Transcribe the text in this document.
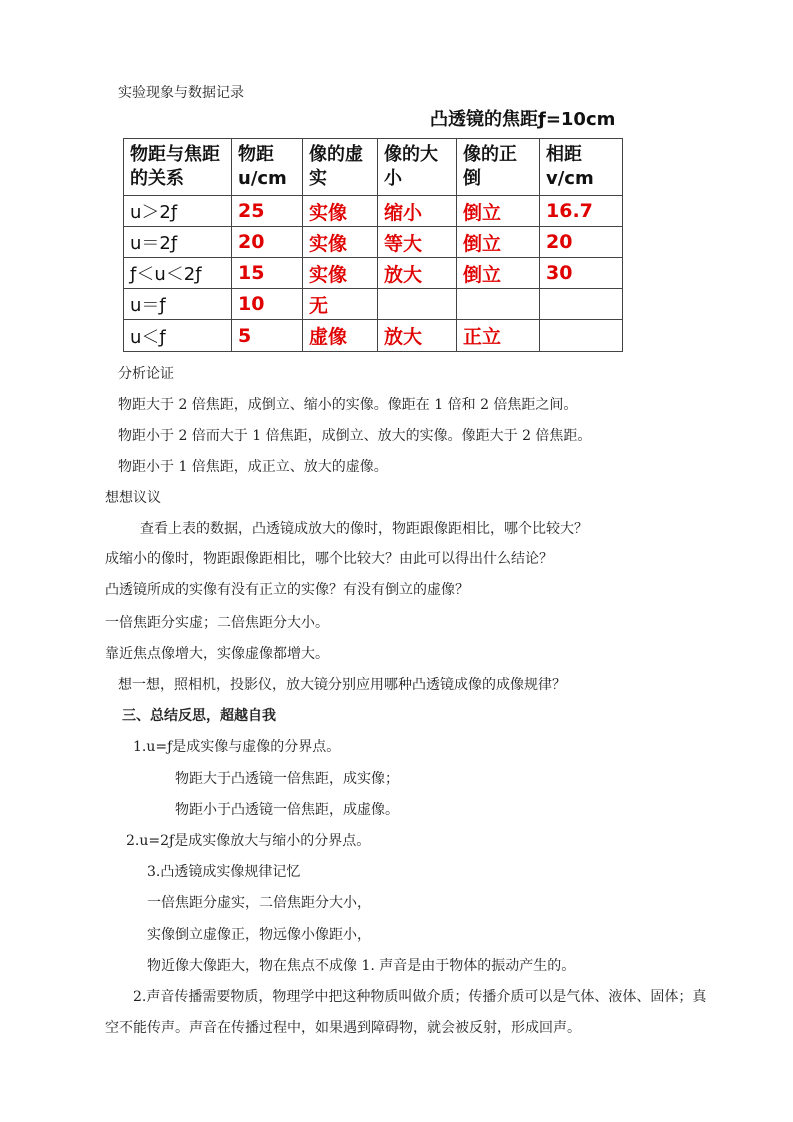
实验现象与数据记录
凸透镜的焦距ƒ=10cm
物距与焦距的关系	物距u/cm	像的虚实	像的大小	像的正倒	相距v/cm
u＞2ƒ	25	实像	缩小	倒立	16.7
u＝2ƒ	20	实像	等大	倒立	20
ƒ＜u＜2ƒ	15	实像	放大	倒立	30
u＝ƒ	10	无			
u＜ƒ	5	虚像	放大	正立	
分析论证
物距大于 2 倍焦距，成倒立、缩小的实像。像距在 1 倍和 2 倍焦距之间。
物距小于 2 倍而大于 1 倍焦距，成倒立、放大的实像。像距大于 2 倍焦距。
物距小于 1 倍焦距，成正立、放大的虚像。
想想议议
查看上表的数据，凸透镜成放大的像时，物距跟像距相比，哪个比较大？
成缩小的像时，物距跟像距相比，哪个比较大？由此可以得出什么结论？
凸透镜所成的实像有没有正立的实像？有没有倒立的虚像？
一倍焦距分实虚；二倍焦距分大小。
靠近焦点像增大，实像虚像都增大。
想一想，照相机，投影仪，放大镜分别应用哪种凸透镜成像的成像规律？
三、总结反思，超越自我
1.u=ƒ是成实像与虚像的分界点。
物距大于凸透镜一倍焦距，成实像；
物距小于凸透镜一倍焦距，成虚像。
2.u=2ƒ是成实像放大与缩小的分界点。
3.凸透镜成实像规律记忆
一倍焦距分虚实，二倍焦距分大小，
实像倒立虚像正，物远像小像距小，
物近像大像距大，物在焦点不成像 1. 声音是由于物体的振动产生的。
2.声音传播需要物质，物理学中把这种物质叫做介质；传播介质可以是气体、液体、固体；真
空不能传声。声音在传播过程中，如果遇到障碍物，就会被反射，形成回声。
